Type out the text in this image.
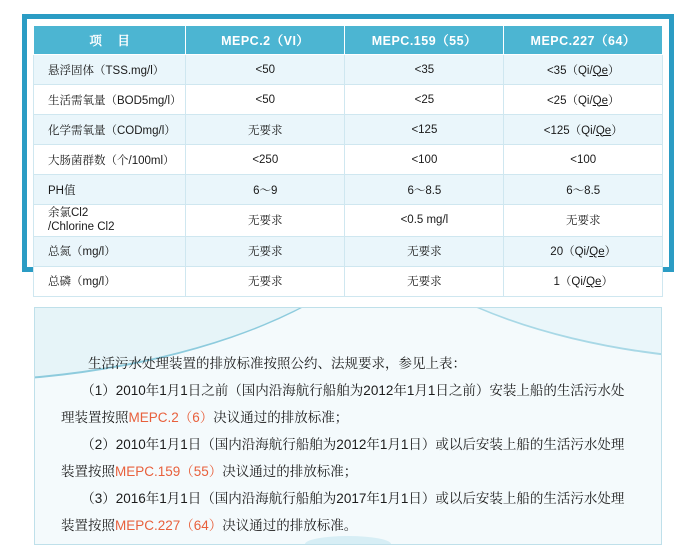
项 目	MEPC.2（VI）	MEPC.159（55）	MEPC.227（64）
悬浮固体（TSS.mg/l）	<50	<35	<35（Qi/Qe）
生活需氧量（BOD5mg/l）	<50	<25	<25（Qi/Qe）
化学需氧量（CODmg/l）	无要求	<125	<125（Qi/Qe）
大肠菌群数（个/100ml）	<250	<100	<100
PH值	6～9	6～8.5	6～8.5
余氯Cl2
/Chlorine Cl2	无要求	<0.5 mg/l	无要求
总氮（mg/l）	无要求	无要求	20（Qi/Qe）
总磷（mg/l）	无要求	无要求	1（Qi/Qe）

　　生活污水处理装置的排放标准按照公约、法规要求，参见上表：

　　（1）2010年1月1日之前（国内沿海航行船舶为2012年1月1日之前）安装上船的生活污水处理装置按照MEPC.2（6）决议通过的排放标准；

　　（2）2010年1月1日（国内沿海航行船舶为2012年1月1日）或以后安装上船的生活污水处理装置按照MEPC.159（55）决议通过的排放标准；

　　（3）2016年1月1日（国内沿海航行船舶为2017年1月1日）或以后安装上船的生活污水处理装置按照MEPC.227（64）决议通过的排放标准。
